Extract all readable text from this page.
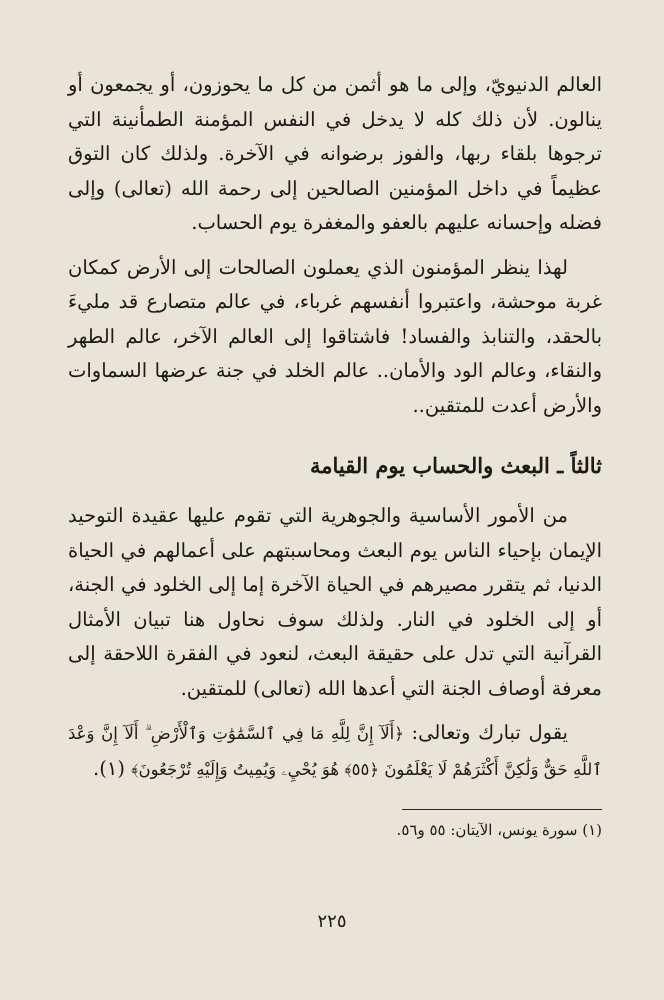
العالم الدنيويّ، وإلى ما هو أثمن من كل ما يحوزون، أو يجمعون أو ينالون. لأن ذلك كله لا يدخل في النفس المؤمنة الطمأنينة التي ترجوها بلقاء ربها، والفوز برضوانه في الآخرة. ولذلك كان التوق عظيماً في داخل المؤمنين الصالحين إلى رحمة الله (تعالى) وإلى فضله وإحسانه عليهم بالعفو والمغفرة يوم الحساب.

لهذا ينظر المؤمنون الذي يعملون الصالحات إلى الأرض كمكان غربة موحشة، واعتبروا أنفسهم غرباء، في عالم متصارع قد مليءَ بالحقد، والتنابذ والفساد! فاشتاقوا إلى العالم الآخر، عالم الطهر والنقاء، وعالم الود والأمان.. عالم الخلد في جنة عرضها السماوات والأرض أعدت للمتقين..

ثالثاً ـ البعث والحساب يوم القيامة

من الأمور الأساسية والجوهرية التي تقوم عليها عقيدة التوحيد الإيمان بإحياء الناس يوم البعث ومحاسبتهم على أعمالهم في الحياة الدنيا، ثم يتقرر مصيرهم في الحياة الآخرة إما إلى الخلود في الجنة، أو إلى الخلود في النار. ولذلك سوف نحاول هنا تبيان الأمثال القرآنية التي تدل على حقيقة البعث، لنعود في الفقرة اللاحقة إلى معرفة أوصاف الجنة التي أعدها الله (تعالى) للمتقين.

يقول تبارك وتعالى: ﴿أَلَآ إِنَّ لِلَّهِ مَا فِي ٱلسَّمَٰوَٰتِ وَٱلْأَرْضِ ۗ أَلَآ إِنَّ وَعْدَ ٱللَّهِ حَقٌّ وَلَٰكِنَّ أَكْثَرَهُمْ لَا يَعْلَمُونَ ﴿٥٥﴾ هُوَ يُحْيِۦ وَيُمِيتُ وَإِلَيْهِ تُرْجَعُونَ﴾ (١).

(١) سورة يونس، الآيتان: ٥٥ و٥٦.

٢٢٥
